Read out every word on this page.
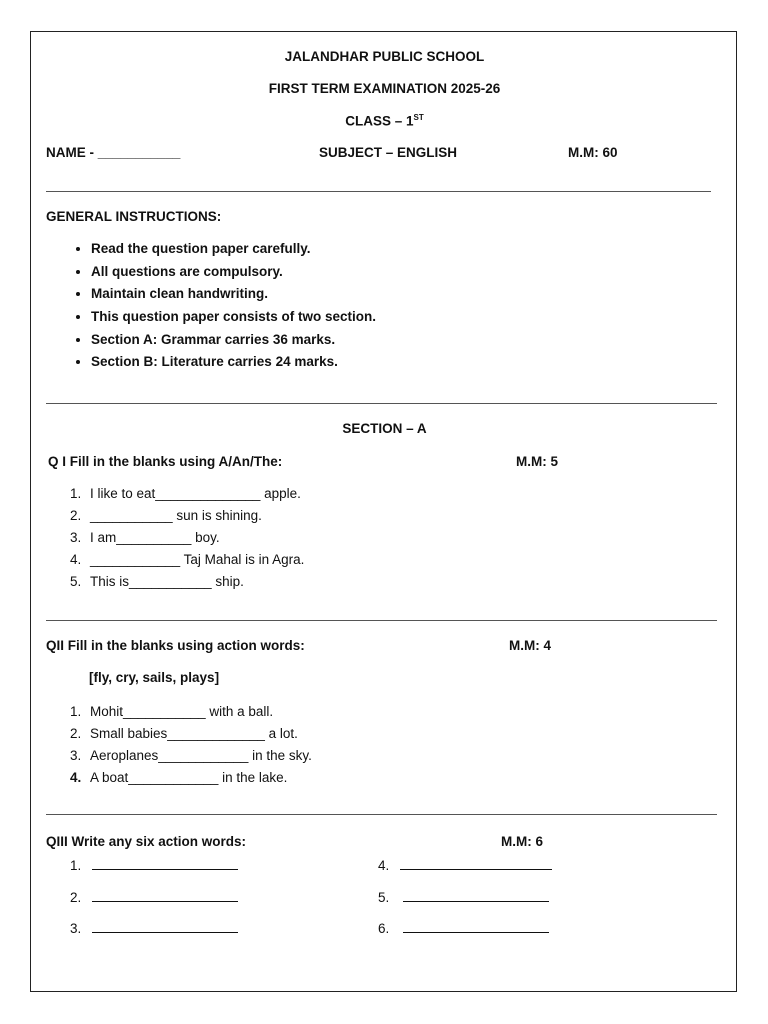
JALANDHAR PUBLIC SCHOOL
FIRST TERM EXAMINATION 2025-26
CLASS – 1ST
NAME - ___________	SUBJECT – ENGLISH	M.M: 60
GENERAL INSTRUCTIONS:
• Read the question paper carefully.
• All questions are compulsory.
• Maintain clean handwriting.
• This question paper consists of two section.
• Section A: Grammar carries 36 marks.
• Section B: Literature carries 24 marks.
SECTION – A
Q I Fill in the blanks using A/An/The:	M.M: 5
1. I like to eat______________ apple.
2. ___________ sun is shining.
3. I am__________ boy.
4. ____________ Taj Mahal is in Agra.
5. This is___________ ship.
QII Fill in the blanks using action words:	M.M: 4
[fly, cry, sails, plays]
1. Mohit___________ with a ball.
2. Small babies_____________ a lot.
3. Aeroplanes____________ in the sky.
4. A boat____________ in the lake.
QIII Write any six action words:	M.M: 6
1.
2.
3.
4.
5.
6.
